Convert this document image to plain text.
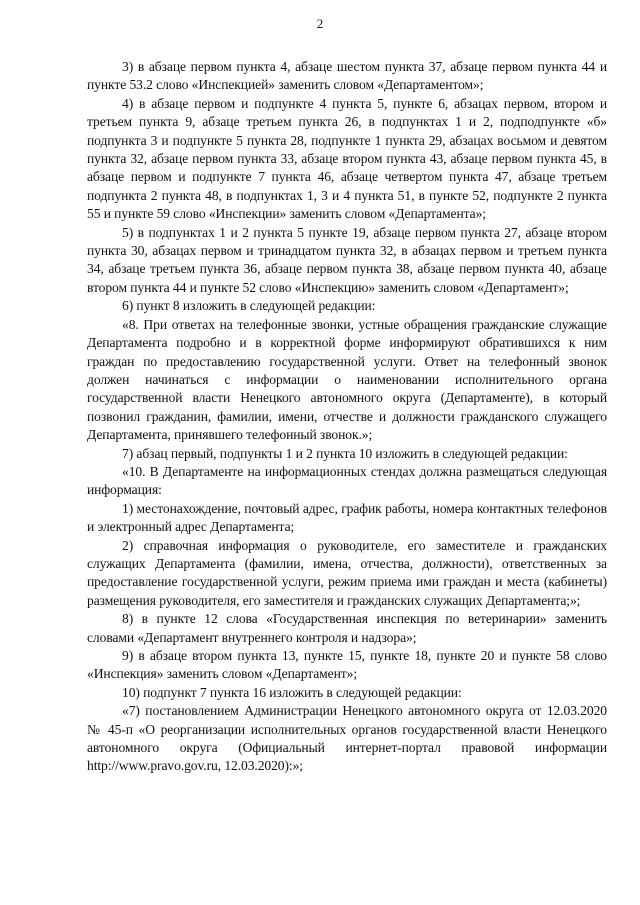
2

3) в абзаце первом пункта 4, абзаце шестом пункта 37, абзаце первом пункта 44 и пункте 53.2 слово «Инспекцией» заменить словом «Департаментом»;

4) в абзаце первом и подпункте 4 пункта 5, пункте 6, абзацах первом, втором и третьем пункта 9, абзаце третьем пункта 26, в подпунктах 1 и 2, подподпункте «б» подпункта 3 и подпункте 5 пункта 28, подпункте 1 пункта 29, абзацах восьмом и девятом пункта 32, абзаце первом пункта 33, абзаце втором пункта 43, абзаце первом пункта 45, в абзаце первом и подпункте 7 пункта 46, абзаце четвертом пункта 47, абзаце третьем подпункта 2 пункта 48, в подпунктах 1, 3 и 4 пункта 51, в пункте 52, подпункте 2 пункта 55 и пункте 59 слово «Инспекции» заменить словом «Департамента»;

5) в подпунктах 1 и 2 пункта 5 пункте 19, абзаце первом пункта 27, абзаце втором пункта 30, абзацах первом и тринадцатом пункта 32, в абзацах первом и третьем пункта 34, абзаце третьем пункта 36, абзаце первом пункта 38, абзаце первом пункта 40, абзаце втором пункта 44 и пункте 52 слово «Инспекцию» заменить словом «Департамент»;

6) пункт 8 изложить в следующей редакции:

«8. При ответах на телефонные звонки, устные обращения гражданские служащие Департамента подробно и в корректной форме информируют обратившихся к ним граждан по предоставлению государственной услуги. Ответ на телефонный звонок должен начинаться с информации о наименовании исполнительного органа государственной власти Ненецкого автономного округа (Департаменте), в который позвонил гражданин, фамилии, имени, отчестве и должности гражданского служащего Департамента, принявшего телефонный звонок.»;

7) абзац первый, подпункты 1 и 2 пункта 10 изложить в следующей редакции:

«10. В Департаменте на информационных стендах должна размещаться следующая информация:

1) местонахождение, почтовый адрес, график работы, номера контактных телефонов и электронный адрес Департамента;

2) справочная информация о руководителе, его заместителе и гражданских служащих Департамента (фамилии, имена, отчества, должности), ответственных за предоставление государственной услуги, режим приема ими граждан и места (кабинеты) размещения руководителя, его заместителя и гражданских служащих Департамента;»;

8) в пункте 12 слова «Государственная инспекция по ветеринарии» заменить словами «Департамент внутреннего контроля и надзора»;

9) в абзаце втором пункта 13, пункте 15, пункте 18, пункте 20 и пункте 58 слово «Инспекция» заменить словом «Департамент»;

10) подпункт 7 пункта 16 изложить в следующей редакции:

«7) постановлением Администрации Ненецкого автономного округа от 12.03.2020 № 45-п «О реорганизации исполнительных органов государственной власти Ненецкого автономного округа (Официальный интернет-портал правовой информации http://www.pravo.gov.ru, 12.03.2020):»;
